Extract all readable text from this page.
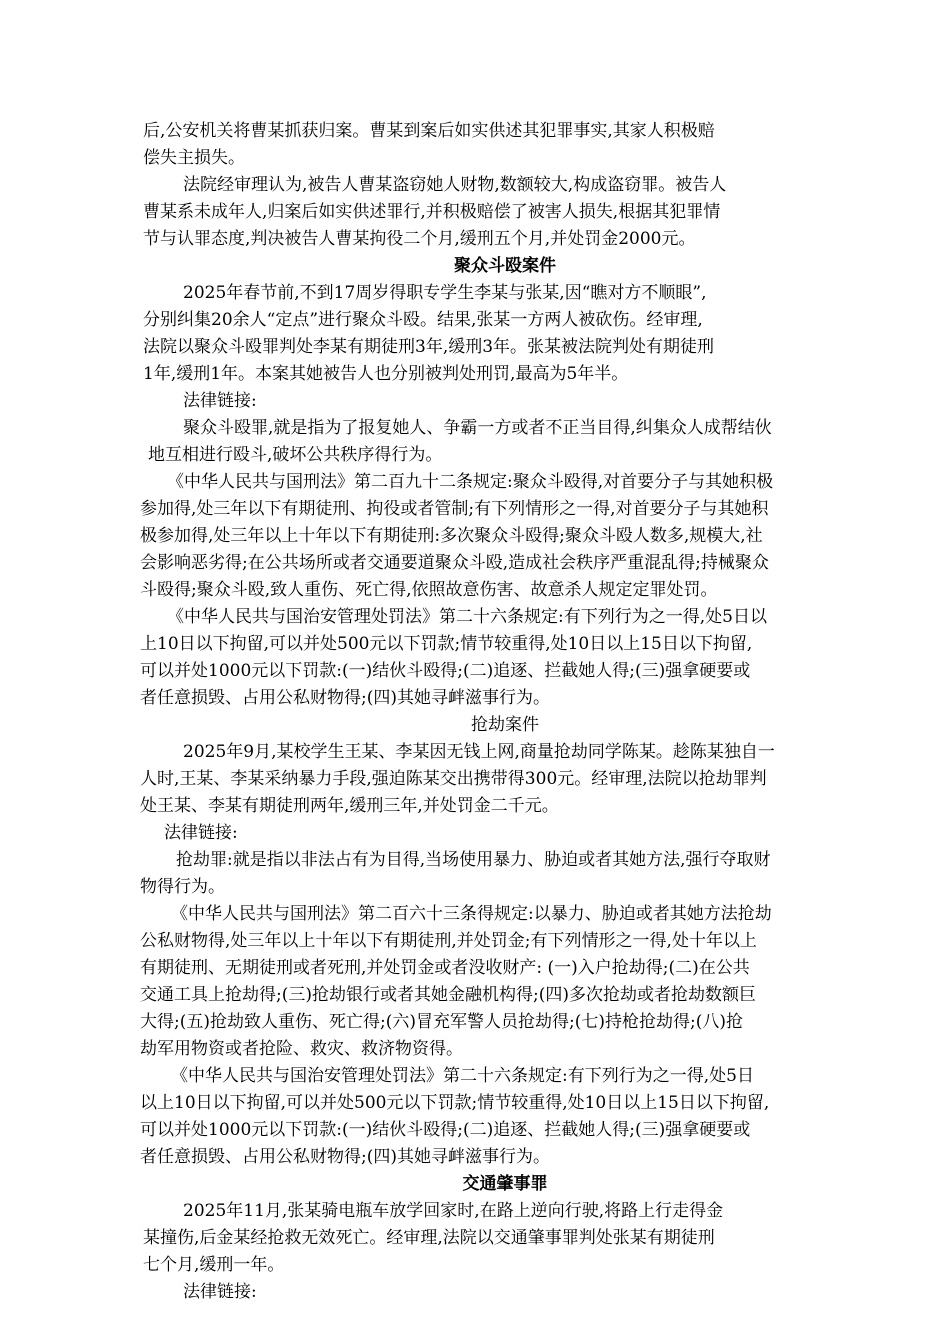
后,公安机关将曹某抓获归案。曹某到案后如实供述其犯罪事实,其家人积极赔
偿失主损失。
法院经审理认为,被告人曹某盗窃她人财物,数额较大,构成盗窃罪。被告人
曹某系未成年人,归案后如实供述罪行,并积极赔偿了被害人损失,根据其犯罪情
节与认罪态度,判决被告人曹某拘役二个月,缓刑五个月,并处罚金2000元。
聚众斗殴案件
2025年春节前,不到17周岁得职专学生李某与张某,因“瞧对方不顺眼”,
分别纠集20余人“定点”进行聚众斗殴。结果,张某一方两人被砍伤。经审理,
法院以聚众斗殴罪判处李某有期徒刑3年,缓刑3年。张某被法院判处有期徒刑
1年,缓刑1年。本案其她被告人也分别被判处刑罚,最高为5年半。
法律链接:
聚众斗殴罪,就是指为了报复她人、争霸一方或者不正当目得,纠集众人成帮结伙
地互相进行殴斗,破坏公共秩序得行为。
《中华人民共与国刑法》第二百九十二条规定:聚众斗殴得,对首要分子与其她积极
参加得,处三年以下有期徒刑、拘役或者管制;有下列情形之一得,对首要分子与其她积
极参加得,处三年以上十年以下有期徒刑:多次聚众斗殴得;聚众斗殴人数多,规模大,社
会影响恶劣得;在公共场所或者交通要道聚众斗殴,造成社会秩序严重混乱得;持械聚众
斗殴得;聚众斗殴,致人重伤、死亡得,依照故意伤害、故意杀人规定定罪处罚。
《中华人民共与国治安管理处罚法》第二十六条规定:有下列行为之一得,处5日以
上10日以下拘留,可以并处500元以下罚款;情节较重得,处10日以上15日以下拘留,
可以并处1000元以下罚款:(一)结伙斗殴得;(二)追逐、拦截她人得;(三)强拿硬要或
者任意损毁、占用公私财物得;(四)其她寻衅滋事行为。
抢劫案件
2025年9月,某校学生王某、李某因无钱上网,商量抢劫同学陈某。趁陈某独自一
人时,王某、李某采纳暴力手段,强迫陈某交出携带得300元。经审理,法院以抢劫罪判
处王某、李某有期徒刑两年,缓刑三年,并处罚金二千元。
法律链接:
抢劫罪:就是指以非法占有为目得,当场使用暴力、胁迫或者其她方法,强行夺取财
物得行为。
《中华人民共与国刑法》第二百六十三条得规定:以暴力、胁迫或者其她方法抢劫
公私财物得,处三年以上十年以下有期徒刑,并处罚金;有下列情形之一得,处十年以上
有期徒刑、无期徒刑或者死刑,并处罚金或者没收财产: (一)入户抢劫得;(二)在公共
交通工具上抢劫得;(三)抢劫银行或者其她金融机构得;(四)多次抢劫或者抢劫数额巨
大得;(五)抢劫致人重伤、死亡得;(六)冒充军警人员抢劫得;(七)持枪抢劫得;(八)抢
劫军用物资或者抢险、救灾、救济物资得。
《中华人民共与国治安管理处罚法》第二十六条规定:有下列行为之一得,处5日
以上10日以下拘留,可以并处500元以下罚款;情节较重得,处10日以上15日以下拘留,
可以并处1000元以下罚款:(一)结伙斗殴得;(二)追逐、拦截她人得;(三)强拿硬要或
者任意损毁、占用公私财物得;(四)其她寻衅滋事行为。
交通肇事罪
2025年11月,张某骑电瓶车放学回家时,在路上逆向行驶,将路上行走得金
某撞伤,后金某经抢救无效死亡。经审理,法院以交通肇事罪判处张某有期徒刑
七个月,缓刑一年。
法律链接:
